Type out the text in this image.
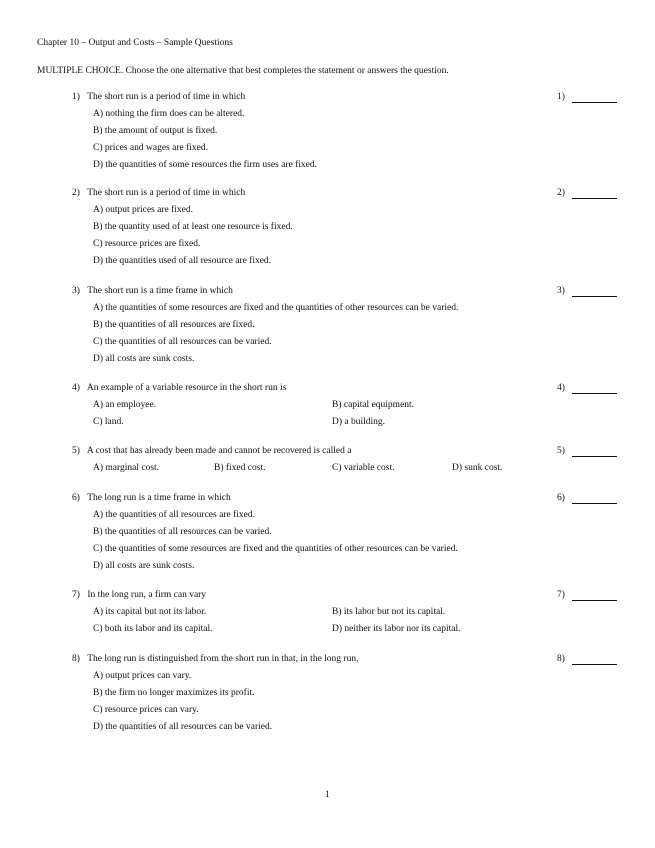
Chapter 10 – Output and Costs – Sample Questions
MULTIPLE CHOICE. Choose the one alternative that best completes the statement or answers the question.
1) The short run is a period of time in which	1)
A) nothing the firm does can be altered.
B) the amount of output is fixed.
C) prices and wages are fixed.
D) the quantities of some resources the firm uses are fixed.
2) The short run is a period of time in which	2)
A) output prices are fixed.
B) the quantity used of at least one resource is fixed.
C) resource prices are fixed.
D) the quantities used of all resource are fixed.
3) The short run is a time frame in which	3)
A) the quantities of some resources are fixed and the quantities of other resources can be varied.
B) the quantities of all resources are fixed.
C) the quantities of all resources can be varied.
D) all costs are sunk costs.
4) An example of a variable resource in the short run is	4)
A) an employee.	B) capital equipment.
C) land.	D) a building.
5) A cost that has already been made and cannot be recovered is called a	5)
A) marginal cost.	B) fixed cost.	C) variable cost.	D) sunk cost.
6) The long run is a time frame in which	6)
A) the quantities of all resources are fixed.
B) the quantities of all resources can be varied.
C) the quantities of some resources are fixed and the quantities of other resources can be varied.
D) all costs are sunk costs.
7) In the long run, a firm can vary	7)
A) its capital but not its labor.	B) its labor but not its capital.
C) both its labor and its capital.	D) neither its labor nor its capital.
8) The long run is distinguished from the short run in that, in the long run,	8)
A) output prices can vary.
B) the firm no longer maximizes its profit.
C) resource prices can vary.
D) the quantities of all resources can be varied.
1
